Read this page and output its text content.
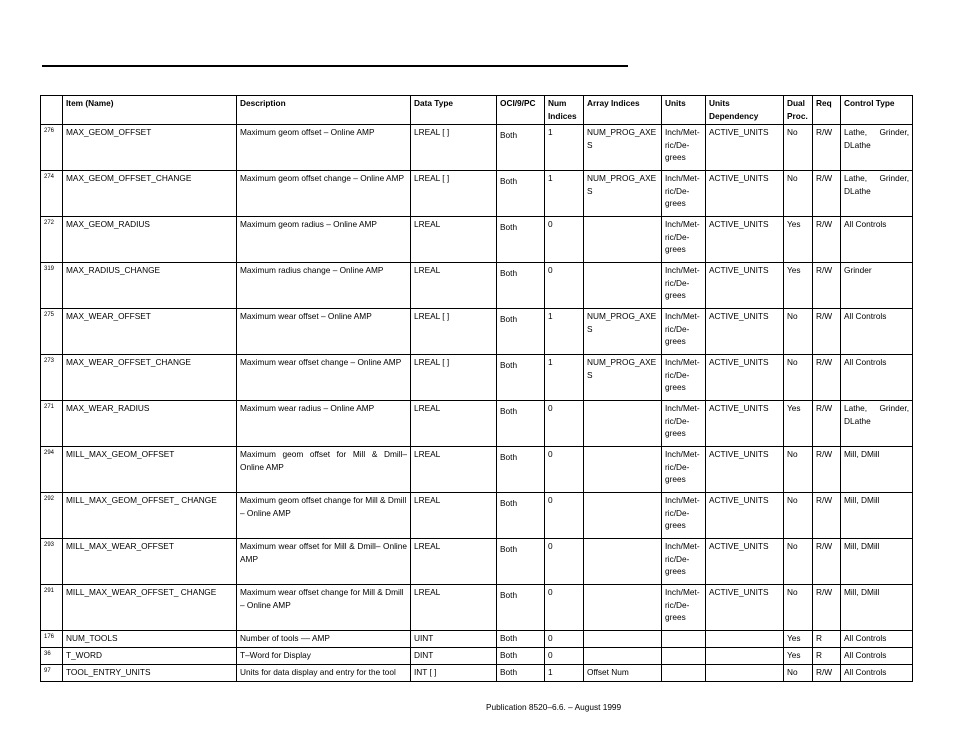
	Item (Name)	Description	Data Type	OCI/9/PC	Num Indices	Array Indices	Units	Units Dependency	Dual Proc.	Req	Control Type
276	MAX_GEOM_OFFSET	Maximum geom offset – Online AMP	LREAL [ ]	Both	1	NUM_PROG_AXES	Inch/Met-ric/De-grees	ACTIVE_UNITS	No	R/W	Lathe, Grinder, DLathe
274	MAX_GEOM_OFFSET_CHANGE	Maximum geom offset change – Online AMP	LREAL [ ]	Both	1	NUM_PROG_AXES	Inch/Met-ric/De-grees	ACTIVE_UNITS	No	R/W	Lathe, Grinder, DLathe
272	MAX_GEOM_RADIUS	Maximum geom radius – Online AMP	LREAL	Both	0		Inch/Met-ric/De-grees	ACTIVE_UNITS	Yes	R/W	All Controls
319	MAX_RADIUS_CHANGE	Maximum radius change – Online AMP	LREAL	Both	0		Inch/Met-ric/De-grees	ACTIVE_UNITS	Yes	R/W	Grinder
275	MAX_WEAR_OFFSET	Maximum wear offset – Online AMP	LREAL [ ]	Both	1	NUM_PROG_AXES	Inch/Met-ric/De-grees	ACTIVE_UNITS	No	R/W	All Controls
273	MAX_WEAR_OFFSET_CHANGE	Maximum wear offset change – Online AMP	LREAL [ ]	Both	1	NUM_PROG_AXES	Inch/Met-ric/De-grees	ACTIVE_UNITS	No	R/W	All Controls
271	MAX_WEAR_RADIUS	Maximum wear radius – Online AMP	LREAL	Both	0		Inch/Met-ric/De-grees	ACTIVE_UNITS	Yes	R/W	Lathe, Grinder, DLathe
294	MILL_MAX_GEOM_OFFSET	Maximum geom offset for Mill & Dmill– Online AMP	LREAL	Both	0		Inch/Met-ric/De-grees	ACTIVE_UNITS	No	R/W	Mill, DMill
292	MILL_MAX_GEOM_OFFSET_ CHANGE	Maximum geom offset change for Mill & Dmill – Online AMP	LREAL	Both	0		Inch/Met-ric/De-grees	ACTIVE_UNITS	No	R/W	Mill, DMill
293	MILL_MAX_WEAR_OFFSET	Maximum wear offset for Mill & Dmill– Online AMP	LREAL	Both	0		Inch/Met-ric/De-grees	ACTIVE_UNITS	No	R/W	Mill, DMill
291	MILL_MAX_WEAR_OFFSET_ CHANGE	Maximum wear offset change for Mill & Dmill – Online AMP	LREAL	Both	0		Inch/Met-ric/De-grees	ACTIVE_UNITS	No	R/W	Mill, DMill
176	NUM_TOOLS	Number of tools –– AMP	UINT	Both	0				Yes	R	All Controls
36	T_WORD	T–Word for Display	DINT	Both	0				Yes	R	All Controls
97	TOOL_ENTRY_UNITS	Units for data display and entry for the tool	INT [ ]	Both	1	Offset Num			No	R/W	All Controls
Publication 8520–6.6. – August 1999
